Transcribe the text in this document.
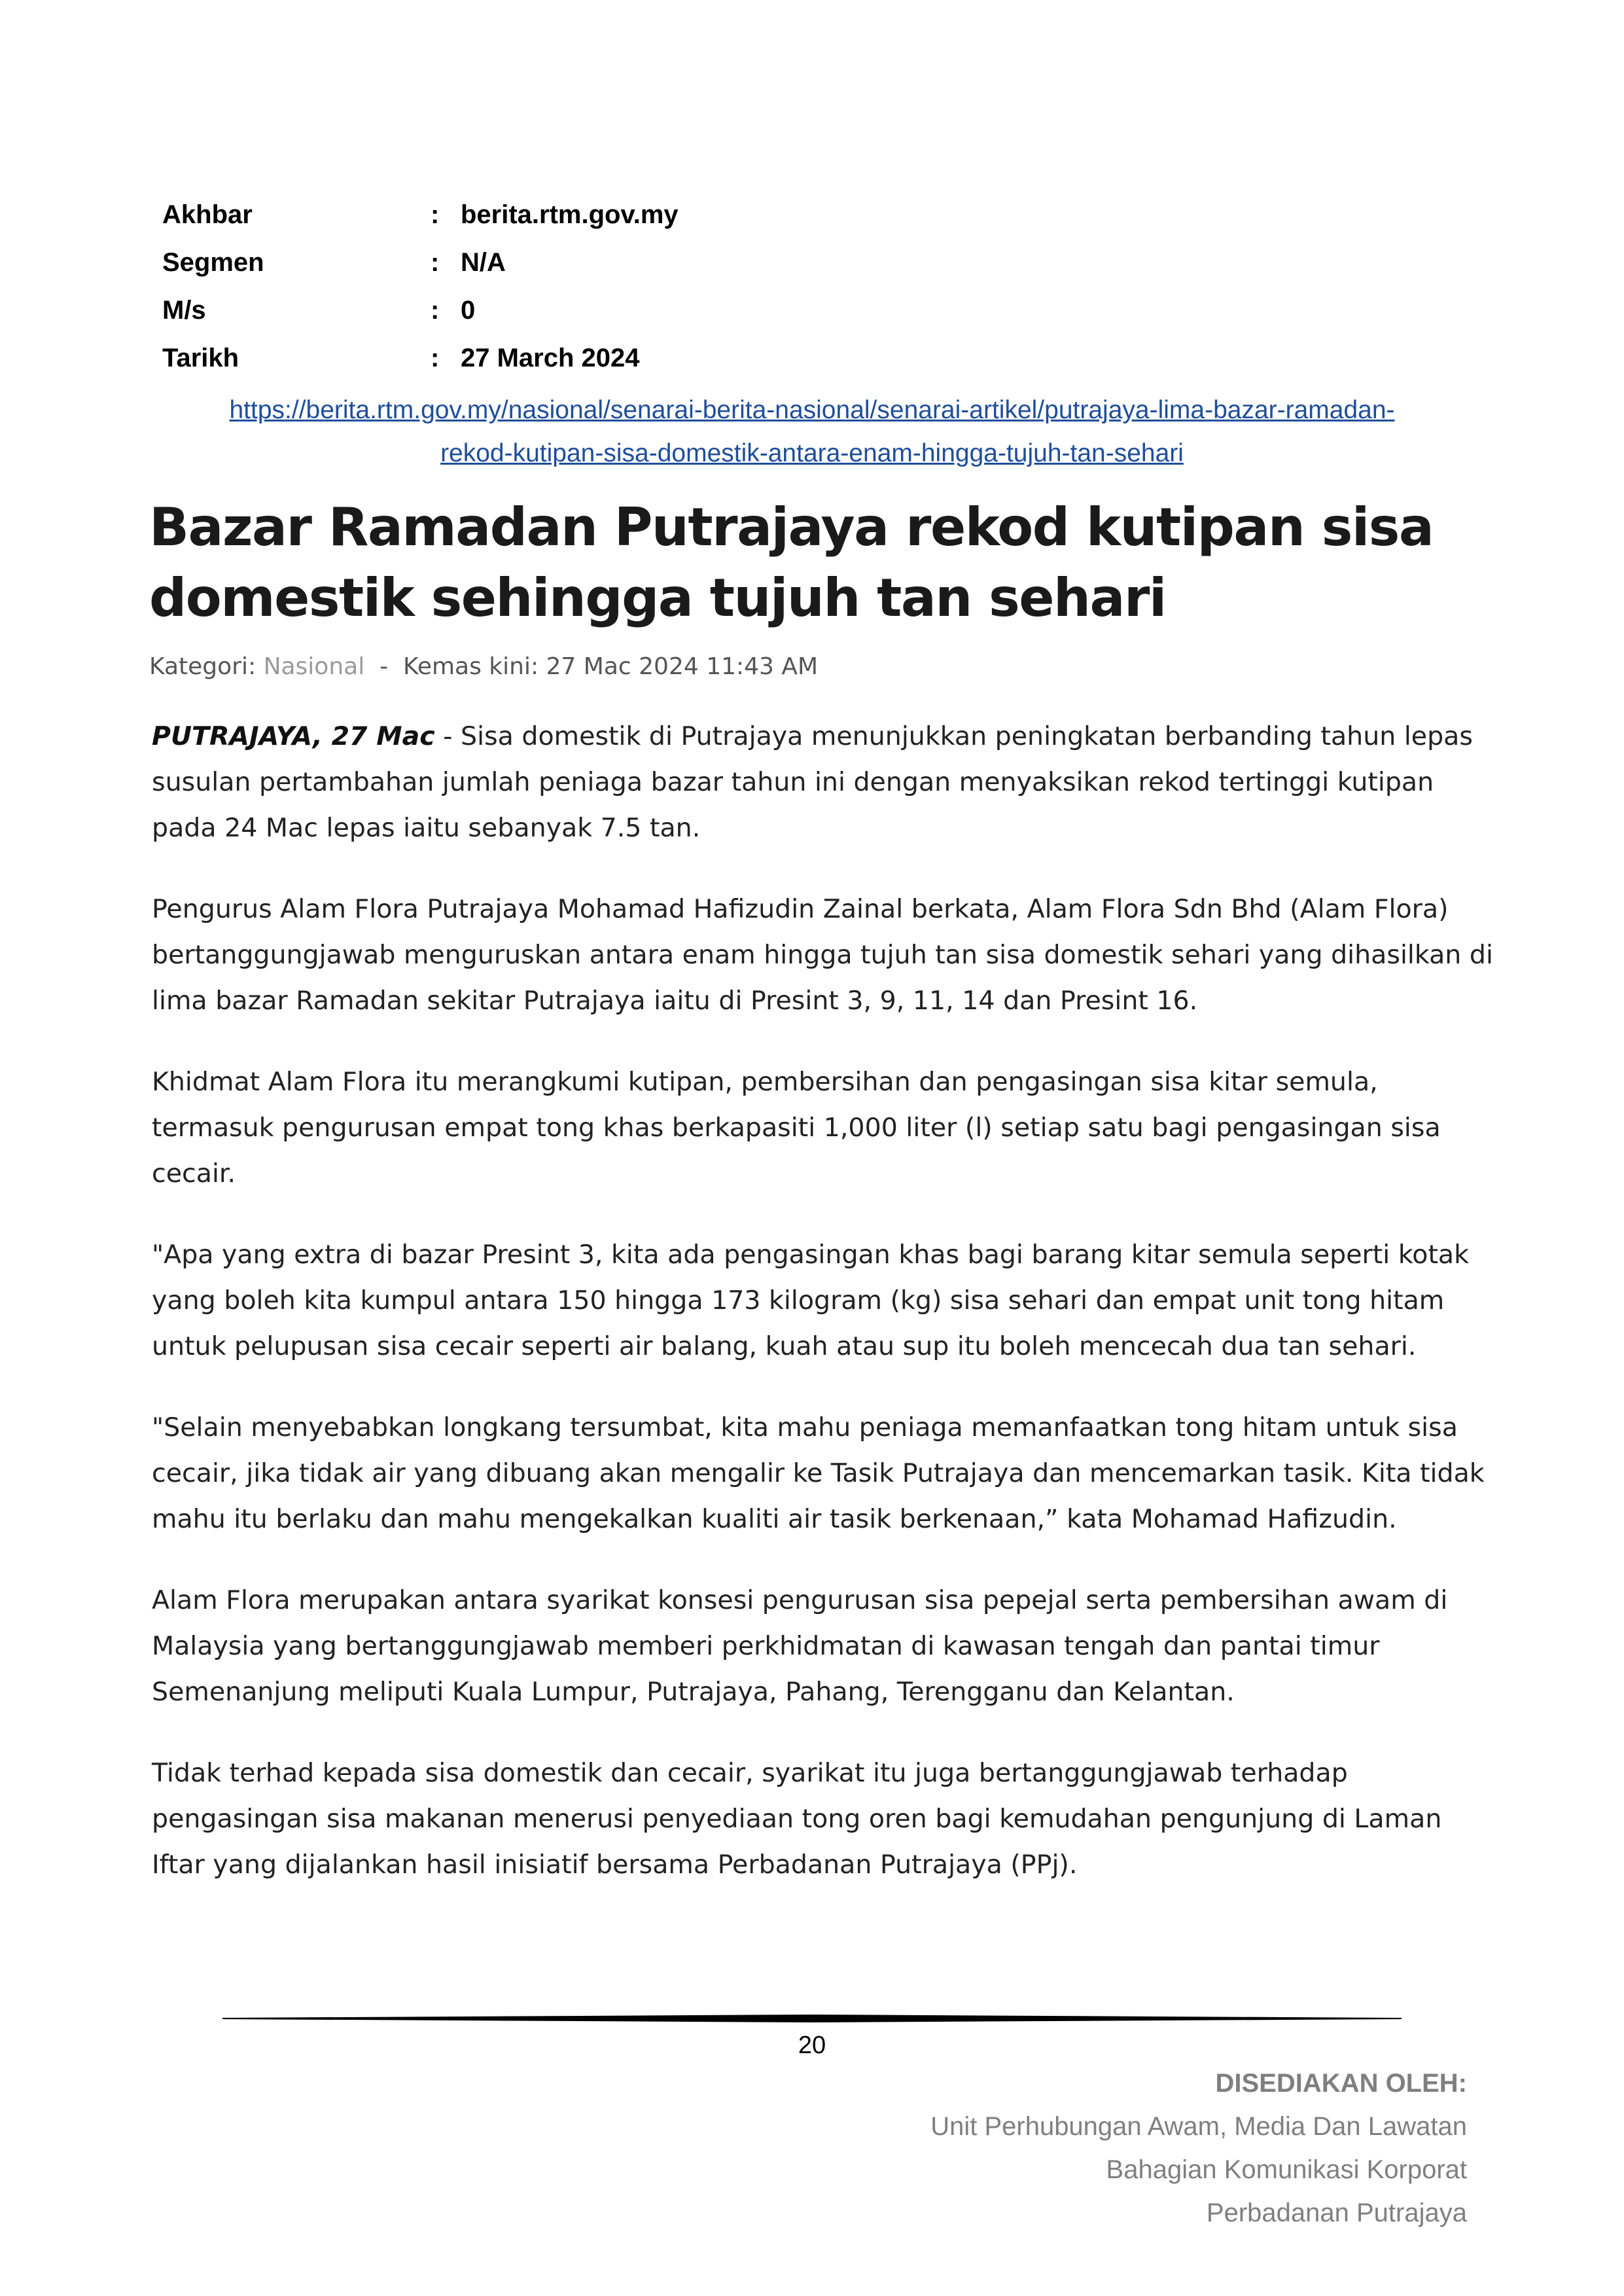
Akhbar	: berita.rtm.gov.my
Segmen	: N/A
M/s	: 0
Tarikh	: 27 March 2024
https://berita.rtm.gov.my/nasional/senarai-berita-nasional/senarai-artikel/putrajaya-lima-bazar-ramadan-
rekod-kutipan-sisa-domestik-antara-enam-hingga-tujuh-tan-sehari
Bazar Ramadan Putrajaya rekod kutipan sisa
domestik sehingga tujuh tan sehari
Kategori: Nasional - Kemas kini: 27 Mac 2024 11:43 AM

PUTRAJAYA, 27 Mac - Sisa domestik di Putrajaya menunjukkan peningkatan berbanding tahun lepas susulan pertambahan jumlah peniaga bazar tahun ini dengan menyaksikan rekod tertinggi kutipan pada 24 Mac lepas iaitu sebanyak 7.5 tan.

Pengurus Alam Flora Putrajaya Mohamad Hafizudin Zainal berkata, Alam Flora Sdn Bhd (Alam Flora) bertanggungjawab menguruskan antara enam hingga tujuh tan sisa domestik sehari yang dihasilkan di lima bazar Ramadan sekitar Putrajaya iaitu di Presint 3, 9, 11, 14 dan Presint 16.

Khidmat Alam Flora itu merangkumi kutipan, pembersihan dan pengasingan sisa kitar semula, termasuk pengurusan empat tong khas berkapasiti 1,000 liter (l) setiap satu bagi pengasingan sisa cecair.

"Apa yang extra di bazar Presint 3, kita ada pengasingan khas bagi barang kitar semula seperti kotak yang boleh kita kumpul antara 150 hingga 173 kilogram (kg) sisa sehari dan empat unit tong hitam untuk pelupusan sisa cecair seperti air balang, kuah atau sup itu boleh mencecah dua tan sehari.

"Selain menyebabkan longkang tersumbat, kita mahu peniaga memanfaatkan tong hitam untuk sisa cecair, jika tidak air yang dibuang akan mengalir ke Tasik Putrajaya dan mencemarkan tasik. Kita tidak mahu itu berlaku dan mahu mengekalkan kualiti air tasik berkenaan,” kata Mohamad Hafizudin.

Alam Flora merupakan antara syarikat konsesi pengurusan sisa pepejal serta pembersihan awam di Malaysia yang bertanggungjawab memberi perkhidmatan di kawasan tengah dan pantai timur Semenanjung meliputi Kuala Lumpur, Putrajaya, Pahang, Terengganu dan Kelantan.

Tidak terhad kepada sisa domestik dan cecair, syarikat itu juga bertanggungjawab terhadap pengasingan sisa makanan menerusi penyediaan tong oren bagi kemudahan pengunjung di Laman Iftar yang dijalankan hasil inisiatif bersama Perbadanan Putrajaya (PPj).

20
DISEDIAKAN OLEH:
Unit Perhubungan Awam, Media Dan Lawatan
Bahagian Komunikasi Korporat
Perbadanan Putrajaya
